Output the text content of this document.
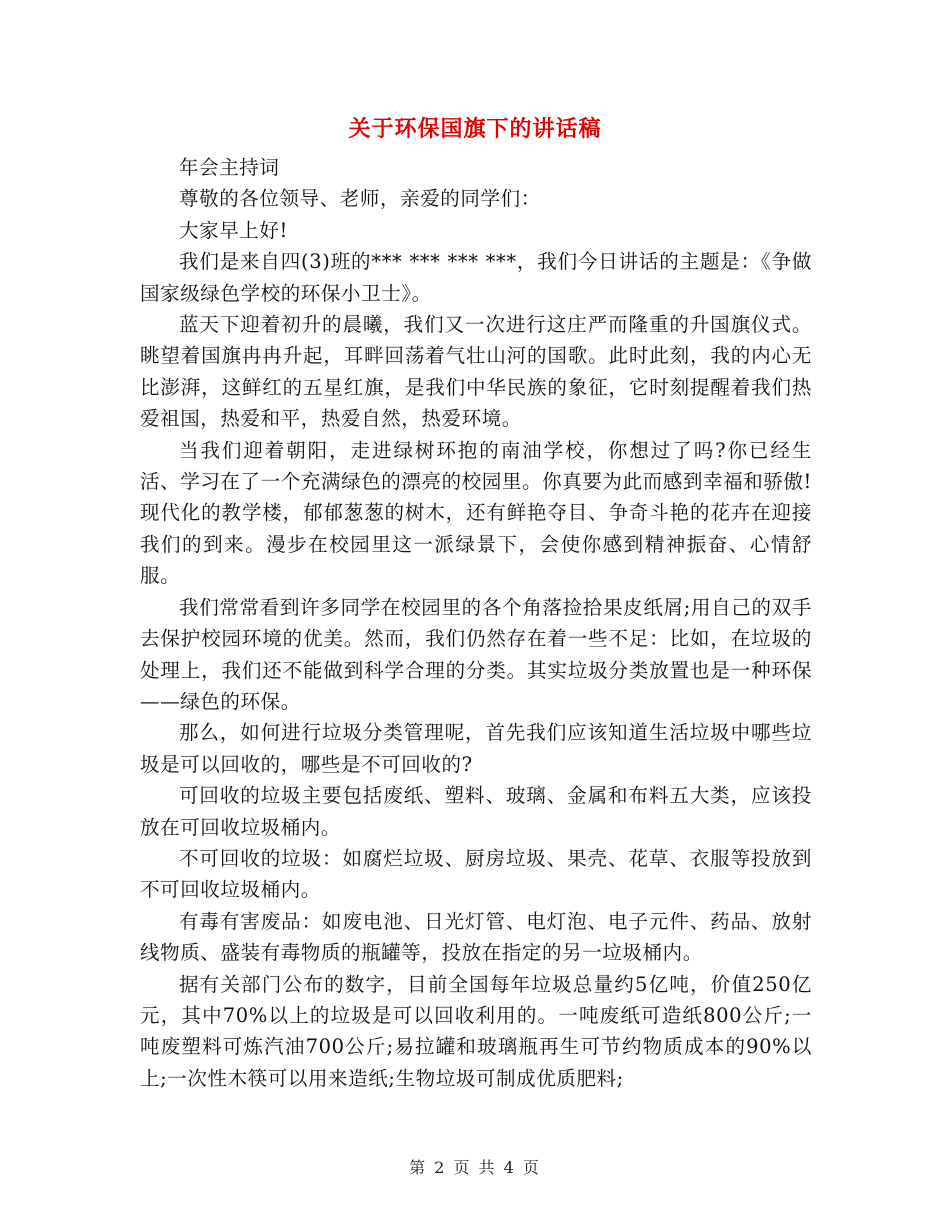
关于环保国旗下的讲话稿

年会主持词

尊敬的各位领导、老师，亲爱的同学们：

大家早上好!

我们是来自四(3)班的*** *** *** ***，我们今日讲话的主题是：《争做国家级绿色学校的环保小卫士》。

蓝天下迎着初升的晨曦，我们又一次进行这庄严而隆重的升国旗仪式。眺望着国旗冉冉升起，耳畔回荡着气壮山河的国歌。此时此刻，我的内心无比澎湃，这鲜红的五星红旗，是我们中华民族的象征，它时刻提醒着我们热爱祖国，热爱和平，热爱自然，热爱环境。

当我们迎着朝阳，走进绿树环抱的南油学校，你想过了吗?你已经生活、学习在了一个充满绿色的漂亮的校园里。你真要为此而感到幸福和骄傲!现代化的教学楼，郁郁葱葱的树木，还有鲜艳夺目、争奇斗艳的花卉在迎接我们的到来。漫步在校园里这一派绿景下，会使你感到精神振奋、心情舒服。

我们常常看到许多同学在校园里的各个角落捡拾果皮纸屑;用自己的双手去保护校园环境的优美。然而，我们仍然存在着一些不足：比如，在垃圾的处理上，我们还不能做到科学合理的分类。其实垃圾分类放置也是一种环保——绿色的环保。

那么，如何进行垃圾分类管理呢，首先我们应该知道生活垃圾中哪些垃圾是可以回收的，哪些是不可回收的?

可回收的垃圾主要包括废纸、塑料、玻璃、金属和布料五大类，应该投放在可回收垃圾桶内。

不可回收的垃圾：如腐烂垃圾、厨房垃圾、果壳、花草、衣服等投放到不可回收垃圾桶内。

有毒有害废品：如废电池、日光灯管、电灯泡、电子元件、药品、放射线物质、盛装有毒物质的瓶罐等，投放在指定的另一垃圾桶内。

据有关部门公布的数字，目前全国每年垃圾总量约5亿吨，价值250亿元，其中70%以上的垃圾是可以回收利用的。一吨废纸可造纸800公斤;一吨废塑料可炼汽油700公斤;易拉罐和玻璃瓶再生可节约物质成本的90%以上;一次性木筷可以用来造纸;生物垃圾可制成优质肥料;

第 2 页 共 4 页
